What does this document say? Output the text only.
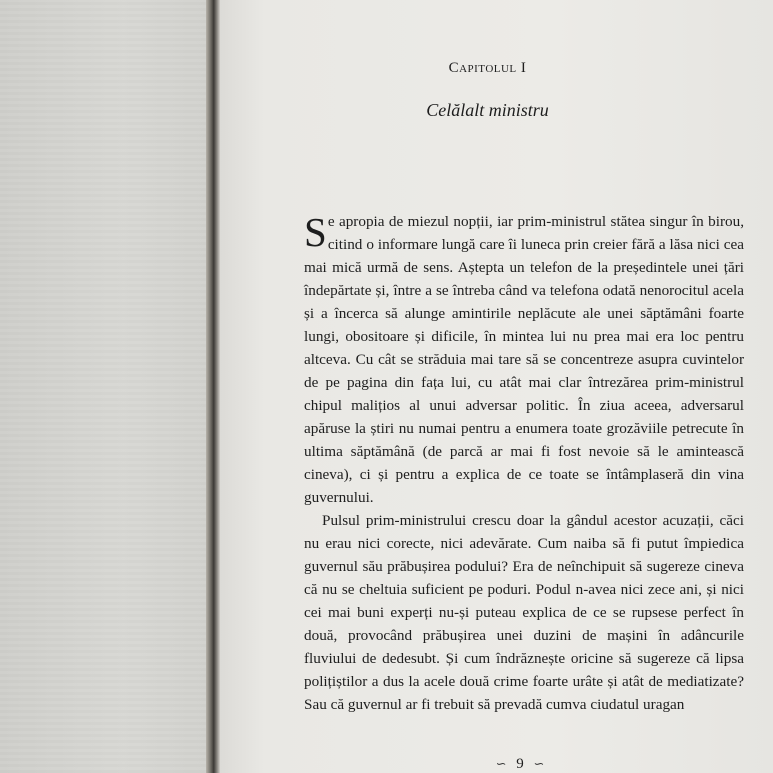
Capitolul I
Celălalt ministru

Se apropia de miezul nopții, iar prim-ministrul stătea singur în birou, citind o informare lungă care îi luneca prin creier fără a lăsa nici cea mai mică urmă de sens. Aștepta un telefon de la președintele unei țări îndepărtate și, între a se întreba când va telefona odată nenorocitul acela și a încerca să alunge amintirile neplăcute ale unei săptămâni foarte lungi, obositoare și dificile, în mintea lui nu prea mai era loc pentru altceva. Cu cât se străduia mai tare să se concentreze asupra cuvintelor de pe pagina din fața lui, cu atât mai clar întrezărea prim-ministrul chipul malițios al unui adversar politic. În ziua aceea, adversarul apăruse la știri nu numai pentru a enumera toate grozăviile petrecute în ultima săptămână (de parcă ar mai fi fost nevoie să le amintească cineva), ci și pentru a explica de ce toate se întâmplaseră din vina guvernului.

Pulsul prim-ministrului crescu doar la gândul acestor acuzații, căci nu erau nici corecte, nici adevărate. Cum naiba să fi putut împiedica guvernul său prăbușirea podului? Era de neînchipuit să sugereze cineva că nu se cheltuia suficient pe poduri. Podul n-avea nici zece ani, și nici cei mai buni experți nu-și puteau explica de ce se rupsese perfect în două, provocând prăbușirea unei duzini de mașini în adâncurile fluviului de dedesubt. Și cum îndrăznește oricine să sugereze că lipsa polițiștilor a dus la acele două crime foarte urâte și atât de mediatizate? Sau că guvernul ar fi trebuit să prevadă cumva ciudatul uragan

∽ 9 ∽
